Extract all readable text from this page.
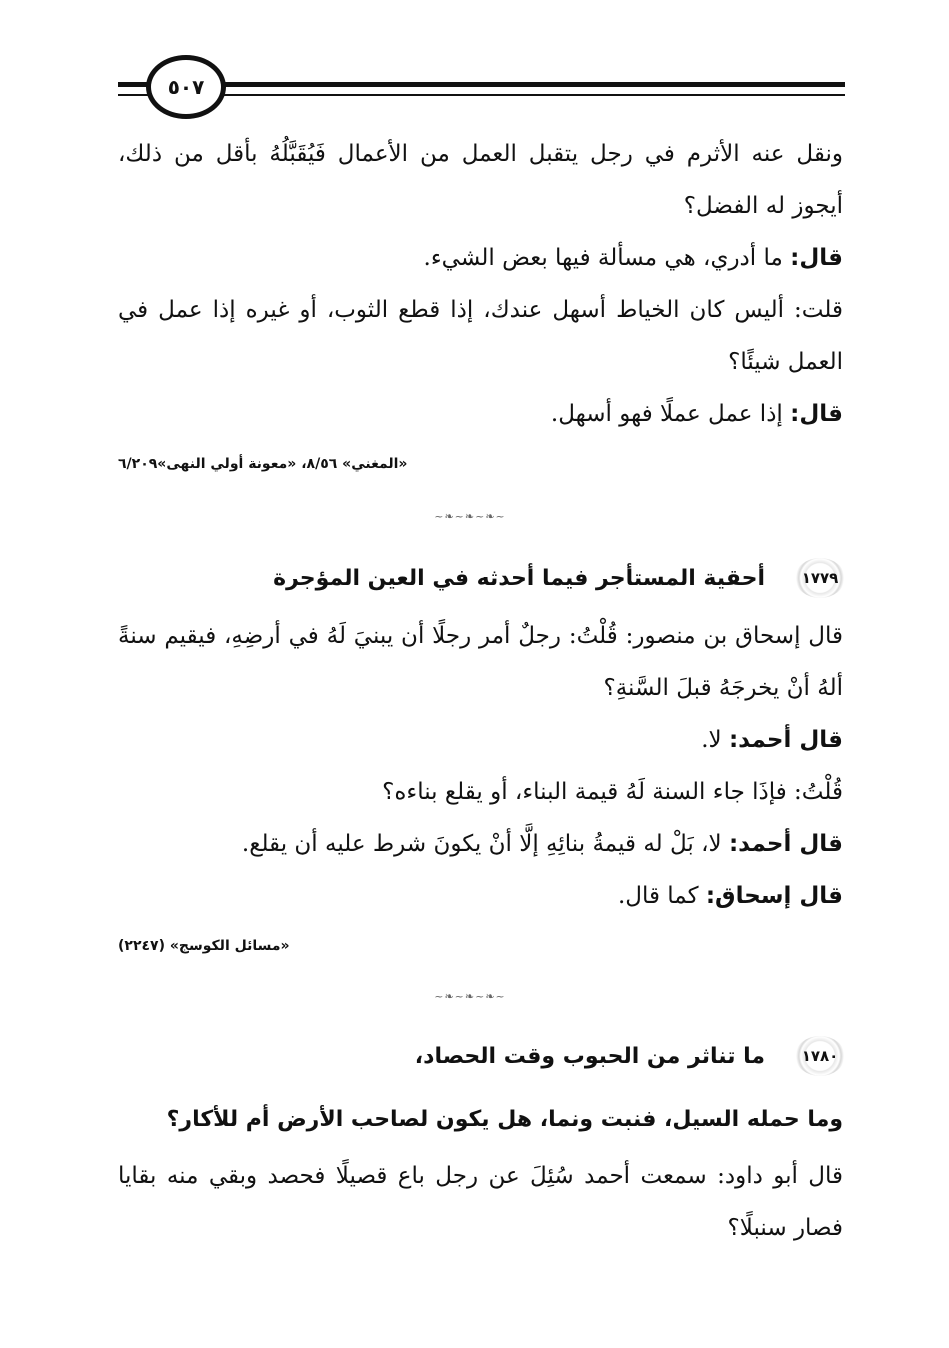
٥٠٧

ونقل عنه الأثرم في رجل يتقبل العمل من الأعمال فَيُقَبَّلُهُ بأقل من ذلك، أيجوز له الفضل؟

قال: ما أدري، هي مسألة فيها بعض الشيء.

قلت: أليس كان الخياط أسهل عندك، إذا قطع الثوب، أو غيره إذا عمل في العمل شيئًا؟

قال: إذا عمل عملًا فهو أسهل.

«المغني» ٨/٥٦، «معونة أولي النهى»٦/٢٠٩

~❧~❧~❧~
١٧٧٩
أحقية المستأجر فيما أحدثه في العين المؤجرة

قال إسحاق بن منصور: قُلْتُ: رجلٌ أمر رجلًا أن يبنيَ لَهُ في أرضِهِ، فيقيم سنةً ألهُ أنْ يخرجَهُ قبلَ السَّنةِ؟

قال أحمد: لا.

قُلْتُ: فإذَا جاء السنة لَهُ قيمة البناء، أو يقلع بناءه؟

قال أحمد: لا، بَلْ له قيمةُ بنائِهِ إلَّا أنْ يكونَ شرط عليه أن يقلع.

قال إسحاق: كما قال.

«مسائل الكوسج» (٢٢٤٧)

~❧~❧~❧~
١٧٨٠
ما تناثر من الحبوب وقت الحصاد،

وما حمله السيل، فنبت ونما، هل يكون لصاحب الأرض أم للأكار؟

قال أبو داود: سمعت أحمد سُئِلَ عن رجل باع قصيلًا فحصد وبقي منه بقايا فصار سنبلًا؟
